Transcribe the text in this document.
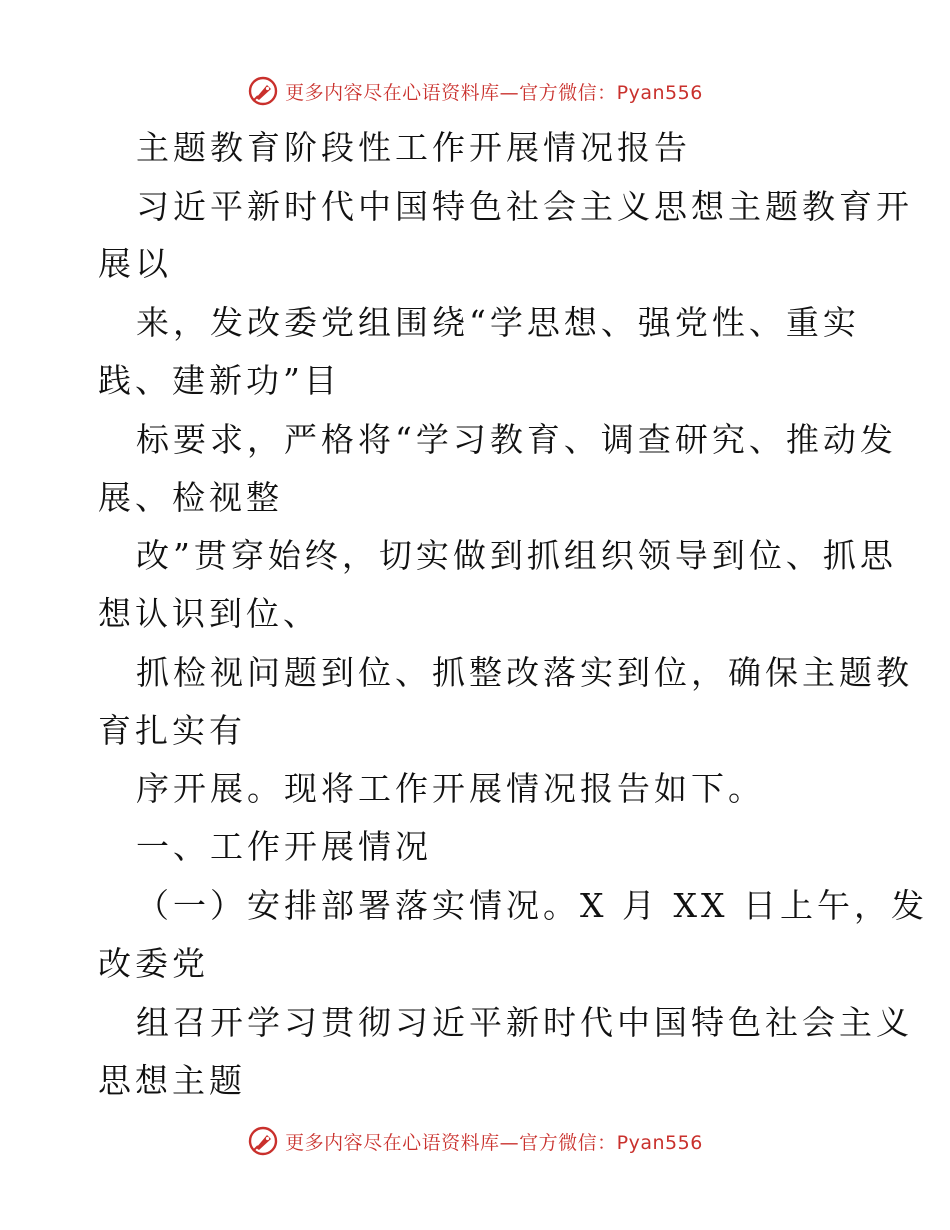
更多内容尽在心语资料库—官方微信：Pyan556
主题教育阶段性工作开展情况报告
习近平新时代中国特色社会主义思想主题教育开
展以
来，发改委党组围绕“学思想、强党性、重实
践、建新功”目
标要求，严格将“学习教育、调查研究、推动发
展、检视整
改”贯穿始终，切实做到抓组织领导到位、抓思
想认识到位、
抓检视问题到位、抓整改落实到位，确保主题教
育扎实有
序开展。现将工作开展情况报告如下。
一、工作开展情况
（一）安排部署落实情况。X 月 XX 日上午，发
改委党
组召开学习贯彻习近平新时代中国特色社会主义
思想主题
更多内容尽在心语资料库—官方微信：Pyan556
